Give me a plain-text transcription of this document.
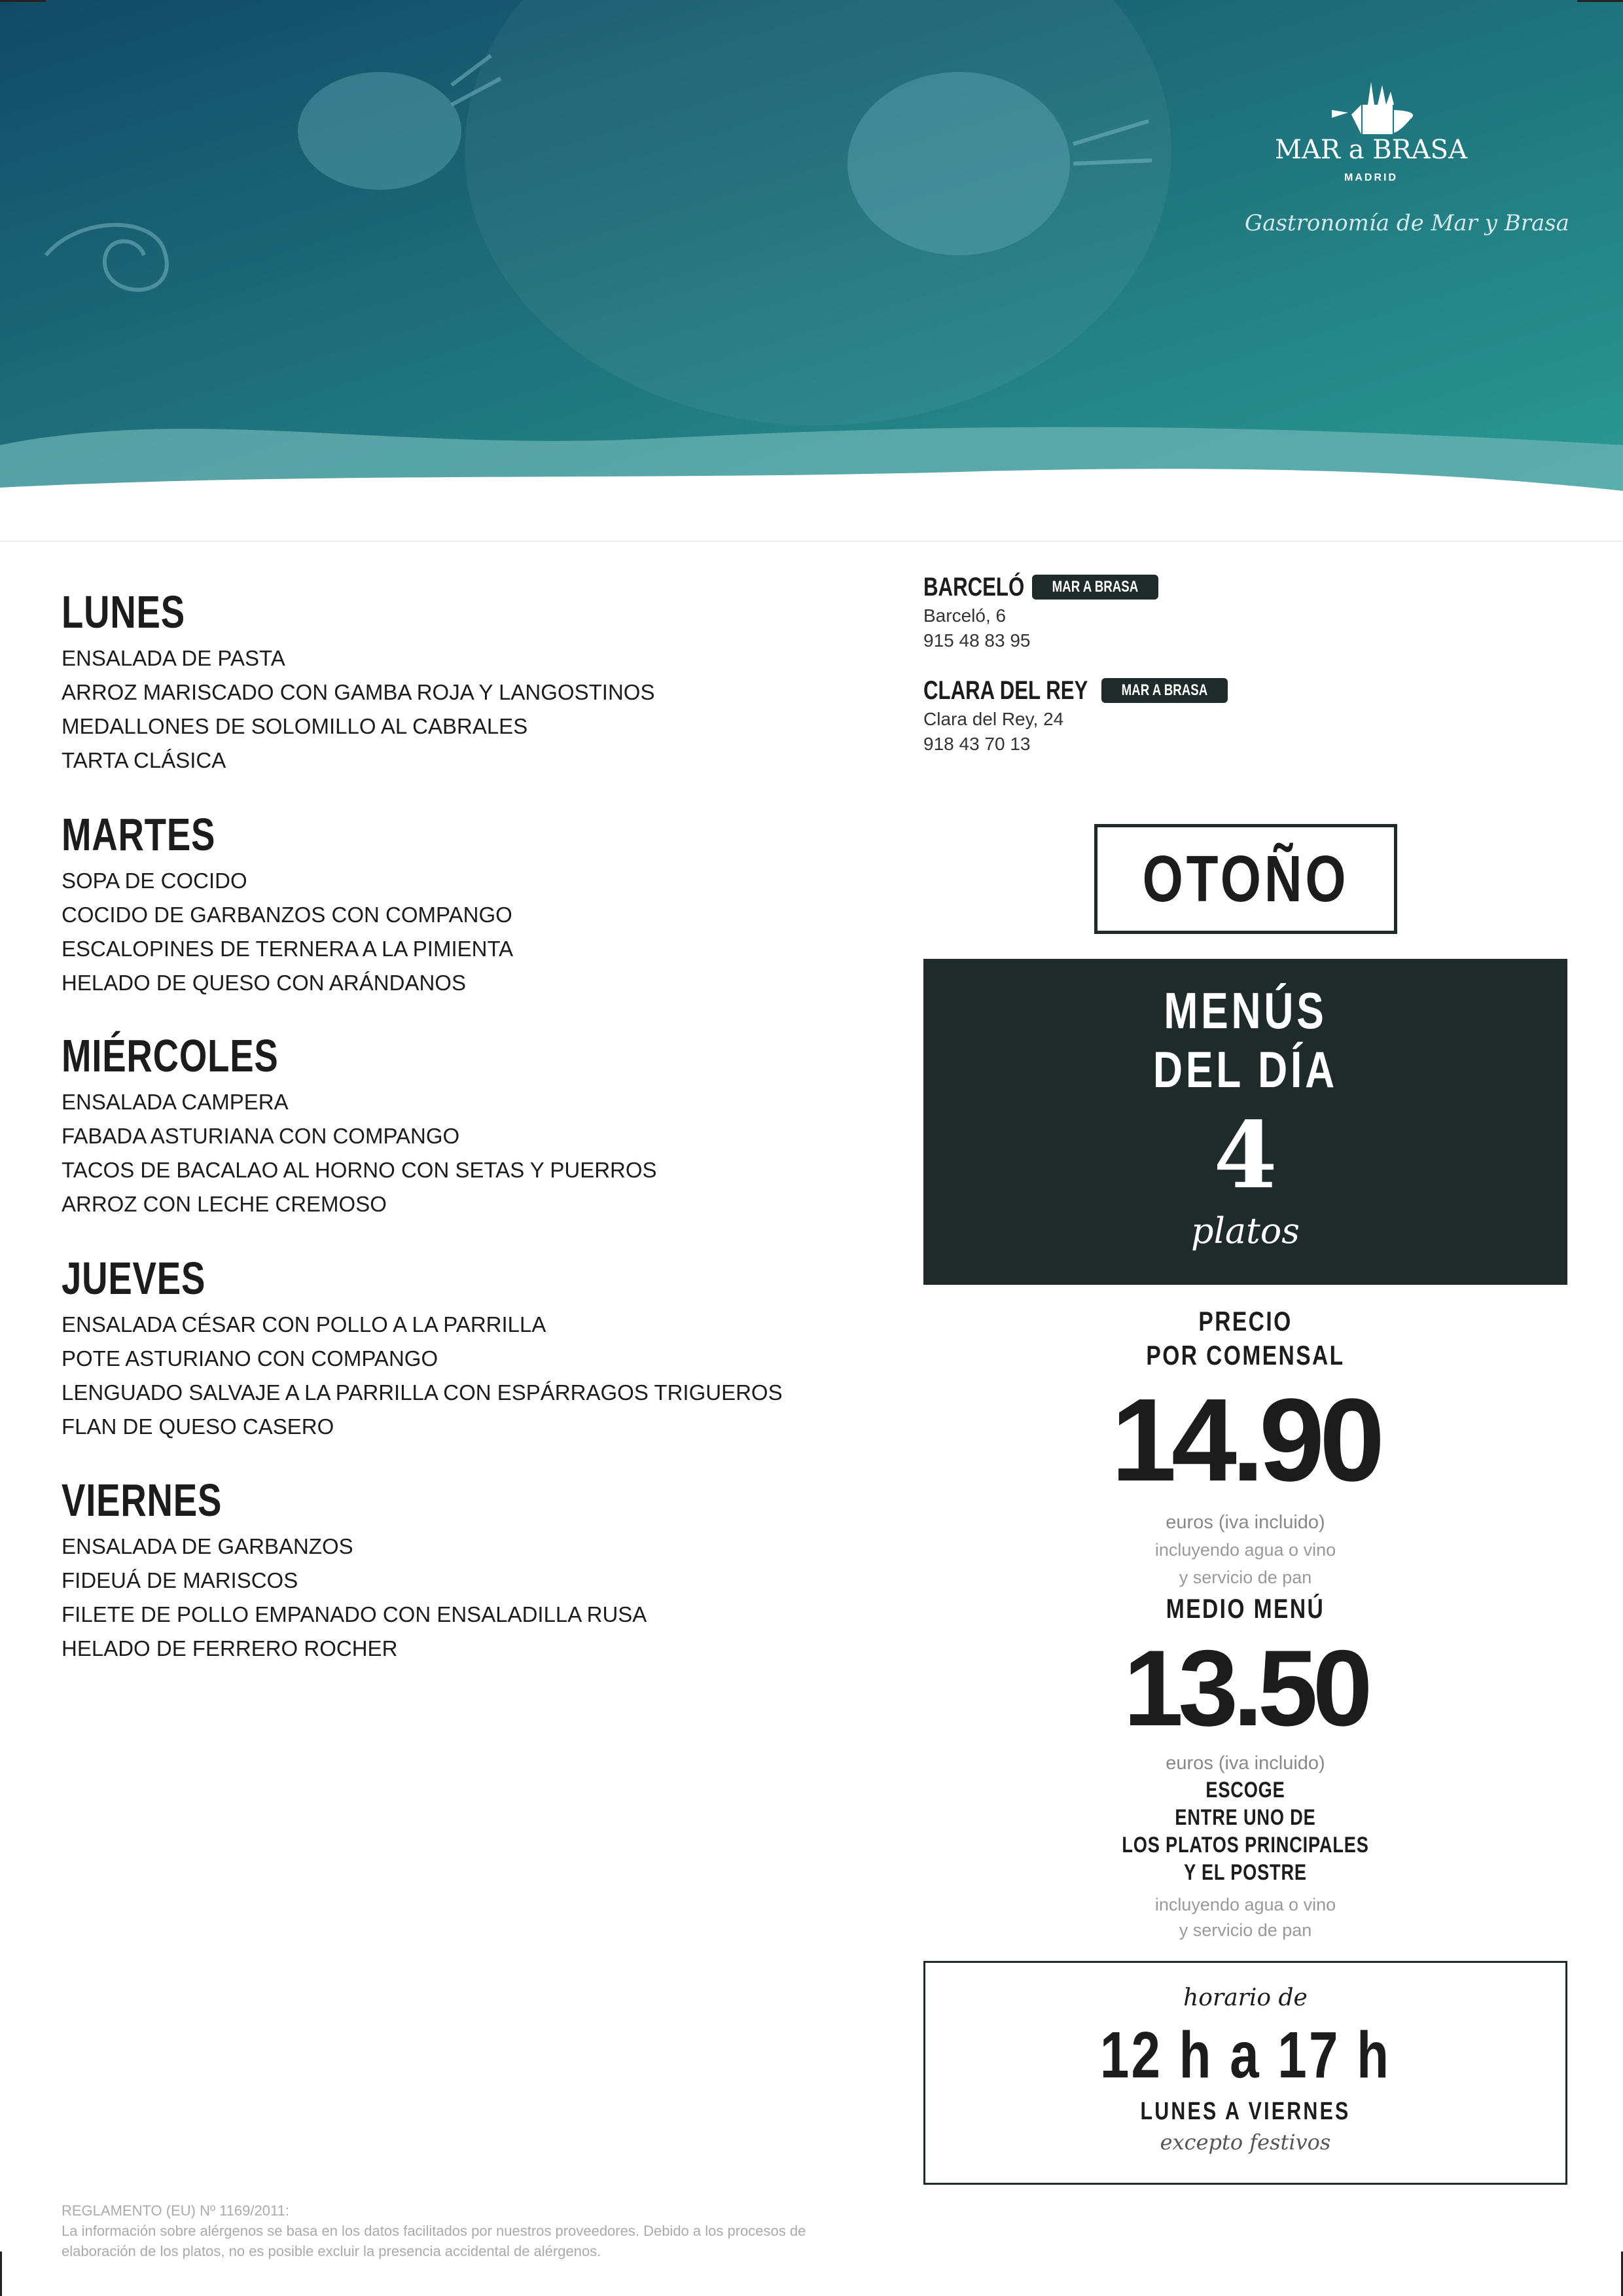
MAR a BRASA
MADRID
Gastronomía de Mar y Brasa
LUNES
ENSALADA DE PASTA
ARROZ MARISCADO CON GAMBA ROJA Y LANGOSTINOS
MEDALLONES DE SOLOMILLO AL CABRALES
TARTA CLÁSICA
MARTES
SOPA DE COCIDO
COCIDO DE GARBANZOS CON COMPANGO
ESCALOPINES DE TERNERA A LA PIMIENTA
HELADO DE QUESO CON ARÁNDANOS
MIÉRCOLES
ENSALADA CAMPERA
FABADA ASTURIANA CON COMPANGO
TACOS DE BACALAO AL HORNO CON SETAS Y PUERROS
ARROZ CON LECHE CREMOSO
JUEVES
ENSALADA CÉSAR CON POLLO A LA PARRILLA
POTE ASTURIANO CON COMPANGO
LENGUADO SALVAJE A LA PARRILLA CON ESPÁRRAGOS TRIGUEROS
FLAN DE QUESO CASERO
VIERNES
ENSALADA DE GARBANZOS
FIDEUÁ DE MARISCOS
FILETE DE POLLO EMPANADO CON ENSALADILLA RUSA
HELADO DE FERRERO ROCHER
BARCELÓ	MAR A BRASA
Barceló, 6
915 48 83 95
CLARA DEL REY	MAR A BRASA
Clara del Rey, 24
918 43 70 13
OTOÑO
MENÚS
DEL DÍA
4
platos
PRECIO
POR COMENSAL
14.90
euros (iva incluido)
incluyendo agua o vino
y servicio de pan
MEDIO MENÚ
13.50
euros (iva incluido)
ESCOGE
ENTRE UNO DE
LOS PLATOS PRINCIPALES
Y EL POSTRE
incluyendo agua o vino
y servicio de pan
horario de
12 h a 17 h
LUNES A VIERNES
excepto festivos
REGLAMENTO (EU) Nº 1169/2011:
La información sobre alérgenos se basa en los datos facilitados por nuestros proveedores. Debido a los procesos de
elaboración de los platos, no es posible excluir la presencia accidental de alérgenos.
